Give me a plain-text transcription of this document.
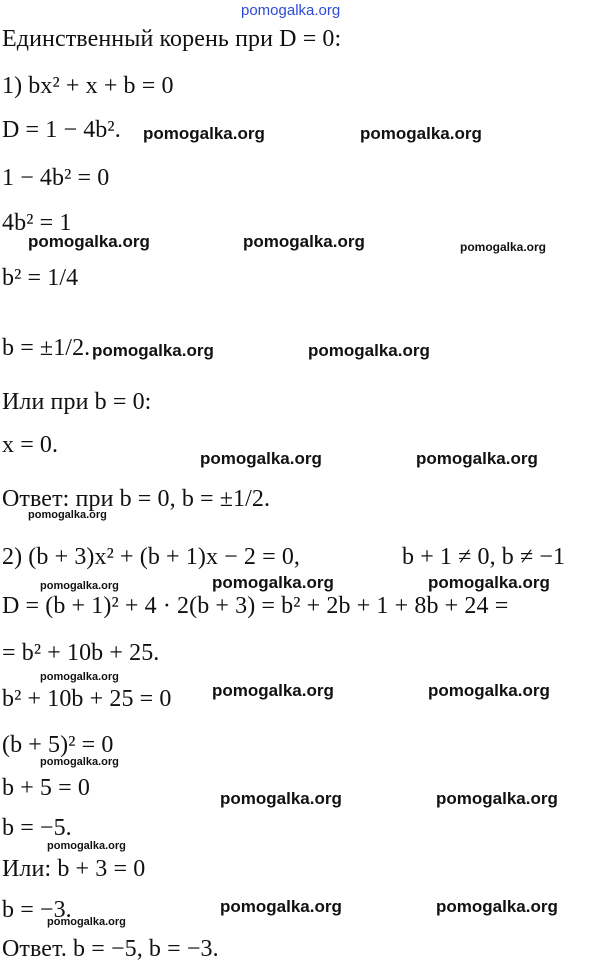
pomogalka.org
Единственный корень при D = 0:
1) bx² + x + b = 0
D = 1 − 4b².
1 − 4b² = 0
4b² = 1
b² = 1/4
b = ±1/2.
Или при b = 0:
x = 0.
Ответ: при b = 0, b = ±1/2.
2) (b + 3)x² + (b + 1)x − 2 = 0,	b + 1 ≠ 0, b ≠ −1
D = (b + 1)² + 4 · 2(b + 3) = b² + 2b + 1 + 8b + 24 =
= b² + 10b + 25.
b² + 10b + 25 = 0
(b + 5)² = 0
b + 5 = 0
b = −5.
Или: b + 3 = 0
b = −3.
Ответ. b = −5, b = −3.
pomogalka.org	pomogalka.org
pomogalka.org	pomogalka.org	pomogalka.org
pomogalka.org	pomogalka.org
pomogalka.org	pomogalka.org
pomogalka.org
pomogalka.org	pomogalka.org
pomogalka.org
pomogalka.org
pomogalka.org	pomogalka.org
pomogalka.org
pomogalka.org	pomogalka.org
pomogalka.org
pomogalka.org	pomogalka.org
pomogalka.org
